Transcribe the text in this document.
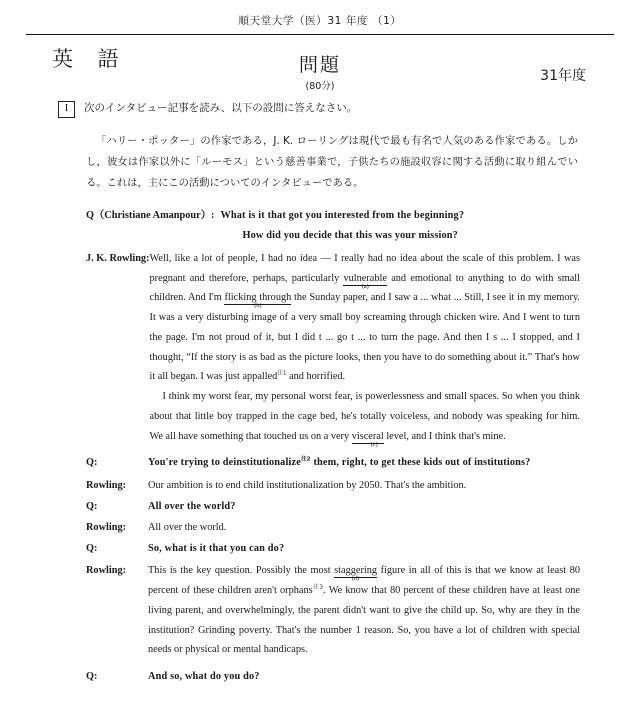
順天堂大学（医）31 年度 （1）
英 語	問題
(80分)
31年度
I	次のインタビュー記事を読み、以下の設問に答えなさい。

「ハリー・ポッター」の作家である，J. K. ローリングは現代で最も有名で人気のある作家である。しかし，彼女は作家以外に「ルーモス」という慈善事業で，子供たちの施設収容に関する活動に取り組んでいる。これは，主にこの活動についてのインタビューである。

Q（Christiane Amanpour）: What is it that got you interested from the beginning?

How did you decide that this was your mission?

J. K. Rowling: Well, like a lot of people, I had no idea — I really had no idea about the scale of this problem. I was pregnant and therefore, perhaps, particularly vulnerable
(a)
and emotional to anything to do with small children. And I'm flicking through
(b)
the Sunday paper, and I saw a ... what ... Still, I see it in my memory. It was a very disturbing image of a very small boy screaming through chicken wire. And I went to turn the page. I'm not proud of it, but I did t ... go t ... to turn the page. And then I s ... I stopped, and I thought, “If the story is as bad as the picture looks, then you have to do something about it.” That's how it all began. I was just appalled$^{注1}$ and horrified.

I think my worst fear, my personal worst fear, is powerlessness and small spaces. So when you think about that little boy trapped in the cage bed, he's totally voiceless, and nobody was speaking for him. We all have something that touched us on a very visceral
(c)
level, and I think that's mine.

Q:	You're trying to deinstitutionalize$^{注2}$ them, right, to get these kids out of institutions?

Rowling:	Our ambition is to end child institutionalization by 2050. That's the ambition.

Q:	All over the world?

Rowling:	All over the world.

Q:	So, what is it that you can do?

Rowling:	This is the key question. Possibly the most staggering
(d)
figure in all of this is that we know at least 80 percent of these children aren't orphans$^{注3}$. We know that 80 percent of these children have at least one living parent, and overwhelmingly, the parent didn't want to give the child up. So, why are they in the institution? Grinding poverty. That's the number 1 reason. So, you have a lot of children with special needs or physical or mental handicaps.

Q:	And so, what do you do?
